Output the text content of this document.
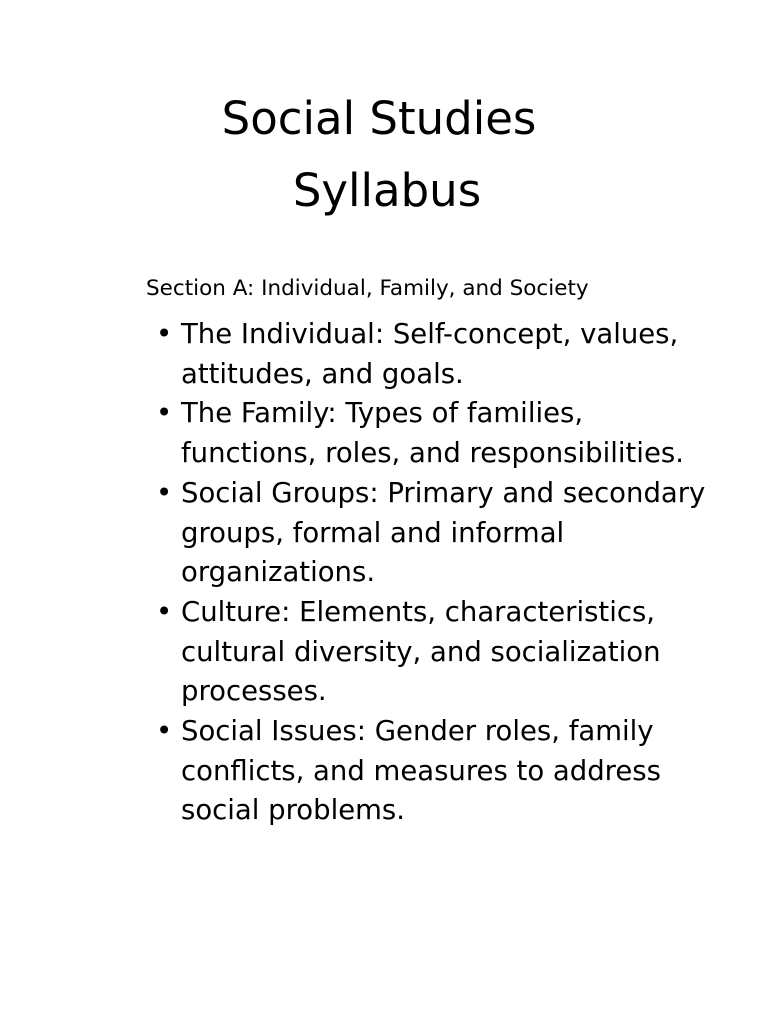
Social Studies
Syllabus
Section A: Individual, Family, and Society
• The Individual: Self-concept, values, attitudes, and goals.
• The Family: Types of families, functions, roles, and responsibilities.
• Social Groups: Primary and secondary groups, formal and informal organizations.
• Culture: Elements, characteristics, cultural diversity, and socialization processes.
• Social Issues: Gender roles, family conflicts, and measures to address social problems.
